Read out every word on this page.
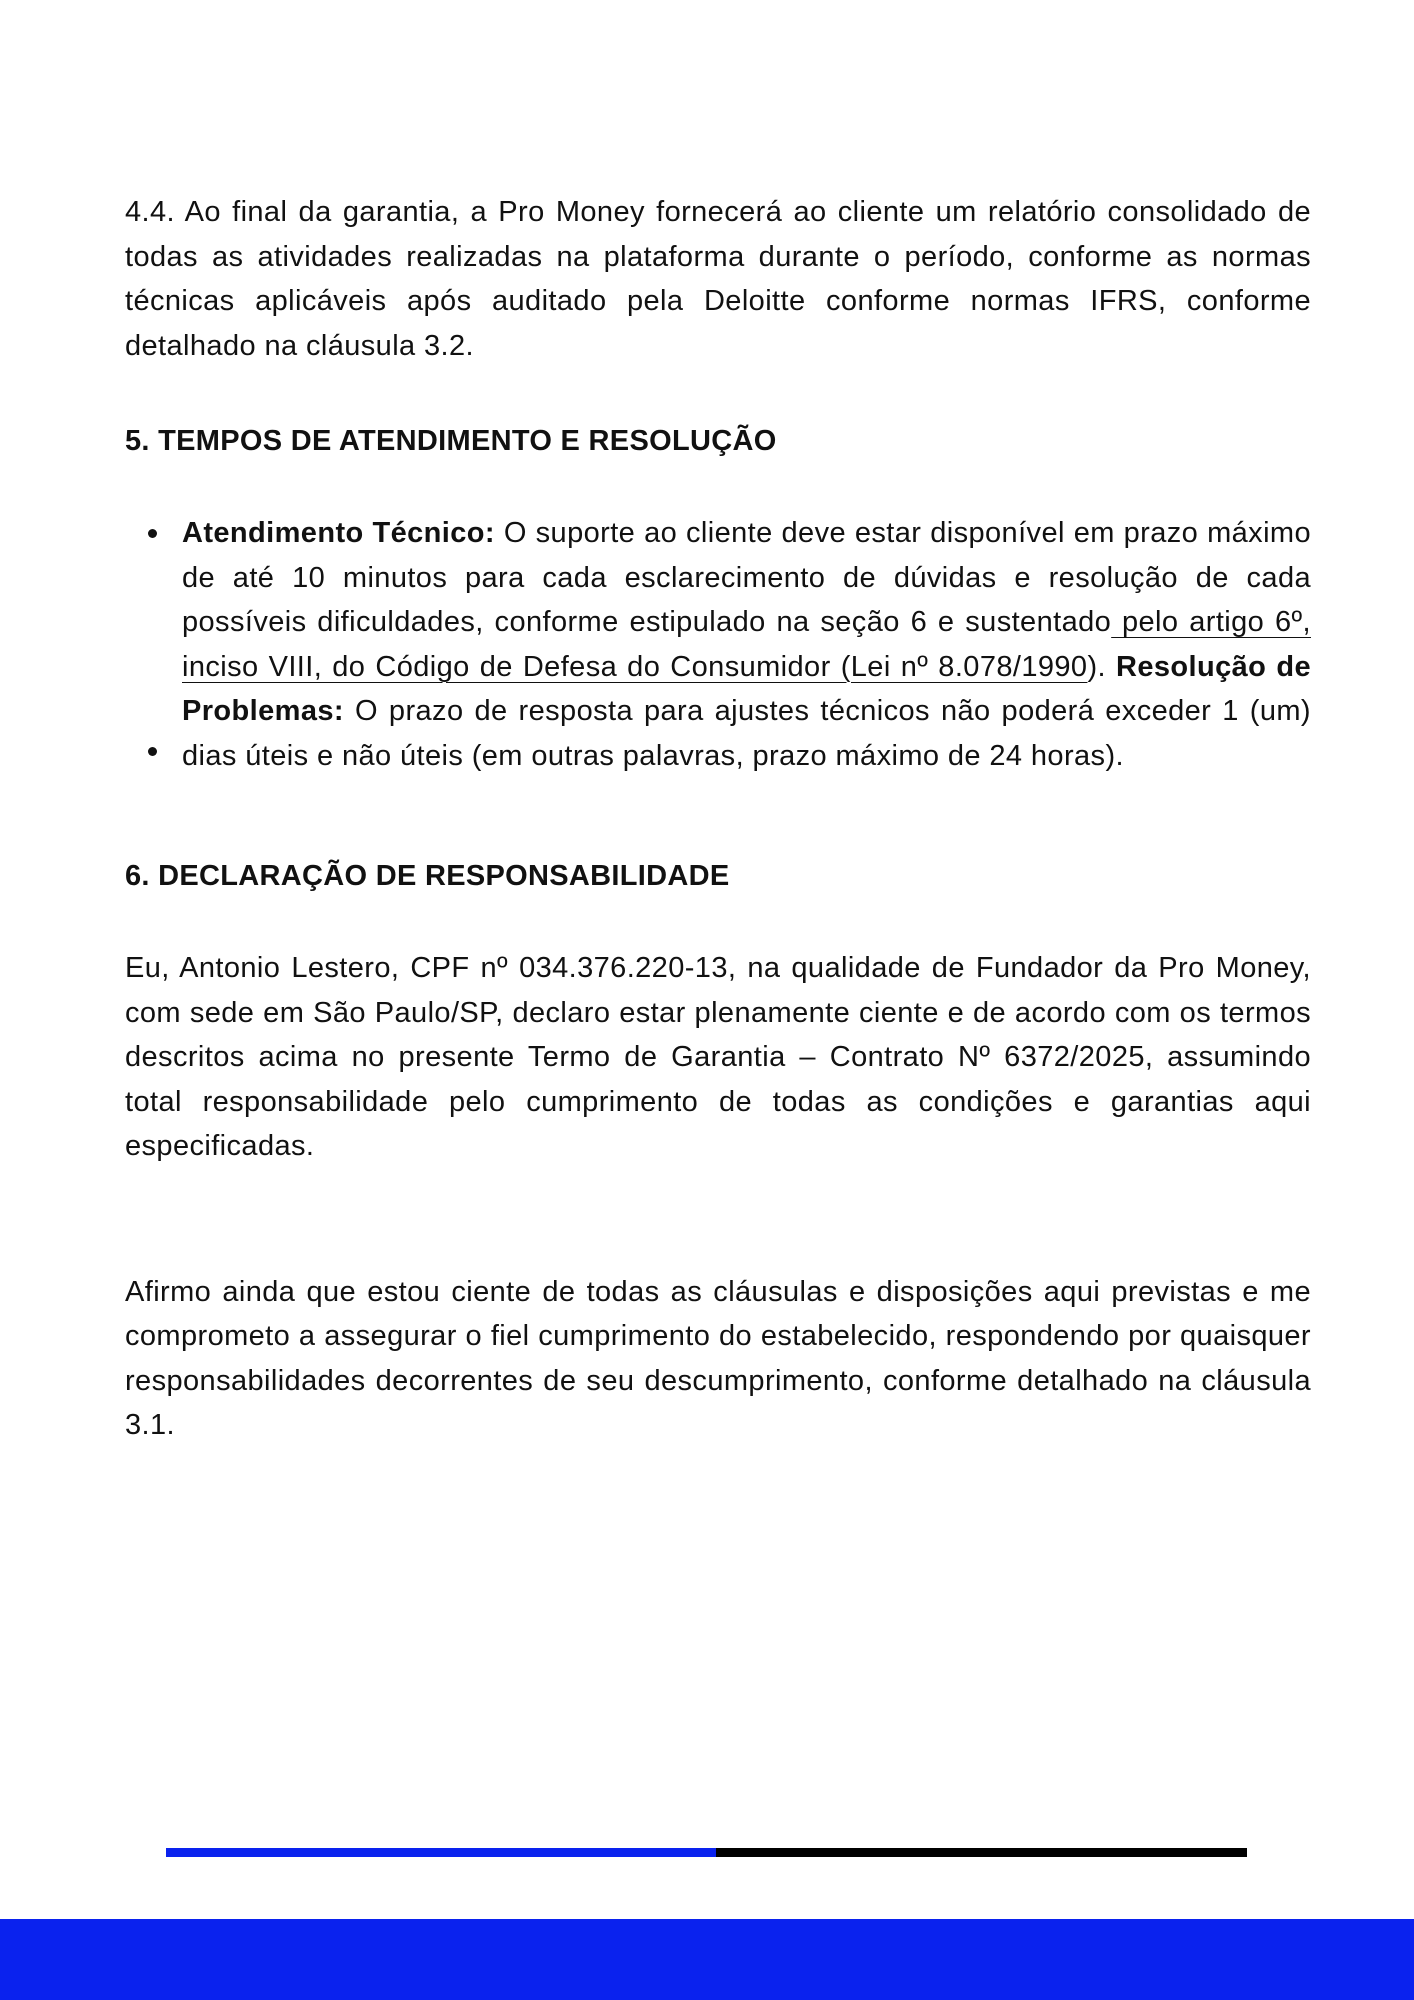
4.4. Ao final da garantia, a Pro Money fornecerá ao cliente um relatório consolidado de todas as atividades realizadas na plataforma durante o período, conforme as normas técnicas aplicáveis após auditado pela Deloitte conforme normas IFRS, conforme detalhado na cláusula 3.2.

5. TEMPOS DE ATENDIMENTO E RESOLUÇÃO
Atendimento Técnico: O suporte ao cliente deve estar disponível em prazo máximo de até 10 minutos para cada esclarecimento de dúvidas e resolução de cada possíveis dificuldades, conforme estipulado na seção 6 e sustentado pelo artigo 6º, inciso VIII, do Código de Defesa do Consumidor (Lei nº 8.078/1990). Resolução de Problemas: O prazo de resposta para ajustes técnicos não poderá exceder 1 (um) dias úteis e não úteis (em outras palavras, prazo máximo de 24 horas).
6. DECLARAÇÃO DE RESPONSABILIDADE

Eu, Antonio Lestero, CPF nº 034.376.220-13, na qualidade de Fundador da Pro Money, com sede em São Paulo/SP, declaro estar plenamente ciente e de acordo com os termos descritos acima no presente Termo de Garantia – Contrato Nº 6372/2025, assumindo total responsabilidade pelo cumprimento de todas as condições e garantias aqui especificadas.

Afirmo ainda que estou ciente de todas as cláusulas e disposições aqui previstas e me comprometo a assegurar o fiel cumprimento do estabelecido, respondendo por quaisquer responsabilidades decorrentes de seu descumprimento, conforme detalhado na cláusula 3.1.
